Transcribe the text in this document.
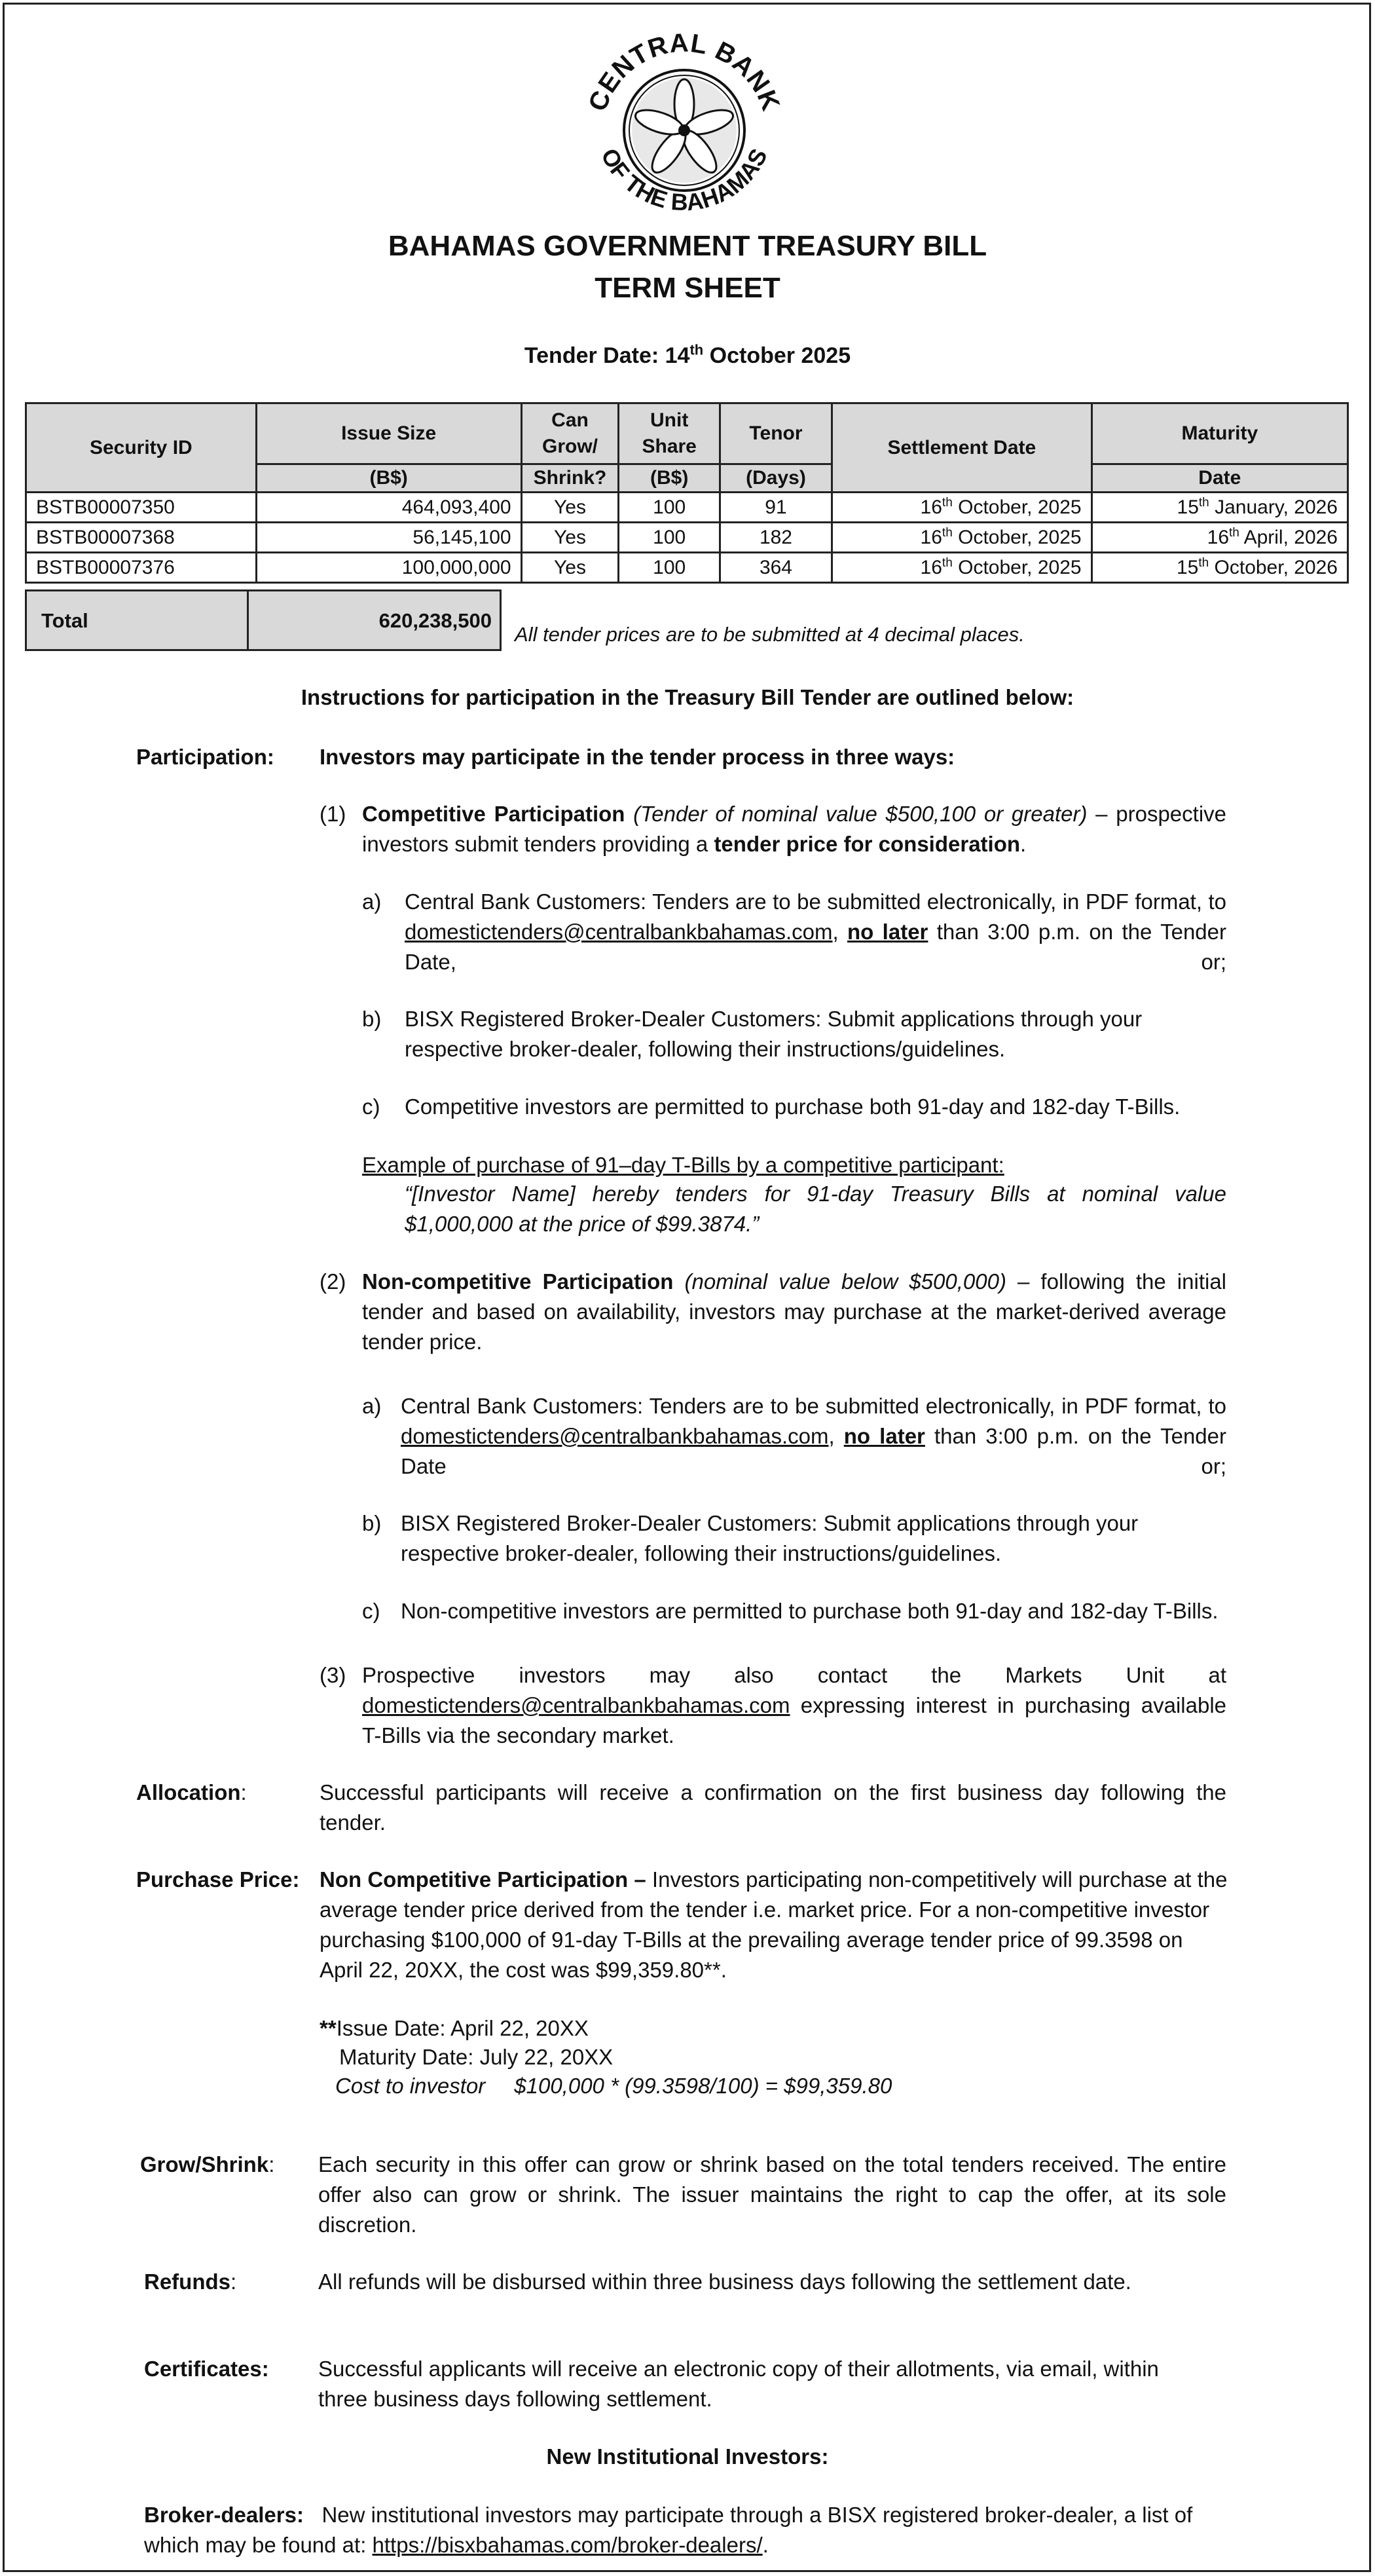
CENTRAL BANK
OF THE BAHAMAS
BAHAMAS GOVERNMENT TREASURY BILL
TERM SHEET
Tender Date: 14th October 2025
Security ID	Issue Size	Can Grow/	Unit Share	Tenor	Settlement Date	Maturity
	(B$)	Shrink?	(B$)	(Days)		Date
BSTB00007350	464,093,400	Yes	100	91	16th October, 2025	15th January, 2026
BSTB00007368	56,145,100	Yes	100	182	16th October, 2025	16th April, 2026
BSTB00007376	100,000,000	Yes	100	364	16th October, 2025	15th October, 2026
Total	620,238,500
All tender prices are to be submitted at 4 decimal places.
Instructions for participation in the Treasury Bill Tender are outlined below:
Participation: Investors may participate in the tender process in three ways:
(1) Competitive Participation (Tender of nominal value $500,100 or greater) – prospective investors submit tenders providing a tender price for consideration.
a) Central Bank Customers: Tenders are to be submitted electronically, in PDF format, to domestictenders@centralbankbahamas.com, no later than 3:00 p.m. on the Tender Date, or;
b) BISX Registered Broker-Dealer Customers: Submit applications through your respective broker-dealer, following their instructions/guidelines.
c) Competitive investors are permitted to purchase both 91-day and 182-day T-Bills.
Example of purchase of 91–day T-Bills by a competitive participant:
“[Investor Name] hereby tenders for 91-day Treasury Bills at nominal value $1,000,000 at the price of $99.3874.”
(2) Non-competitive Participation (nominal value below $500,000) – following the initial tender and based on availability, investors may purchase at the market-derived average tender price.
a) Central Bank Customers: Tenders are to be submitted electronically, in PDF format, to domestictenders@centralbankbahamas.com, no later than 3:00 p.m. on the Tender Date or;
b) BISX Registered Broker-Dealer Customers: Submit applications through your respective broker-dealer, following their instructions/guidelines.
c) Non-competitive investors are permitted to purchase both 91-day and 182-day T-Bills.
(3) Prospective investors may also contact the Markets Unit at domestictenders@centralbankbahamas.com expressing interest in purchasing available T-Bills via the secondary market.
Allocation:	Successful participants will receive a confirmation on the first business day following the tender.
Purchase Price: Non Competitive Participation – Investors participating non-competitively will purchase at the average tender price derived from the tender i.e. market price. For a non-competitive investor purchasing $100,000 of 91-day T-Bills at the prevailing average tender price of 99.3598 on April 22, 20XX, the cost was $99,359.80**.
**Issue Date: April 22, 20XX
Maturity Date: July 22, 20XX
Cost to investor $100,000 * (99.3598/100) = $99,359.80
Grow/Shrink: Each security in this offer can grow or shrink based on the total tenders received. The entire offer also can grow or shrink. The issuer maintains the right to cap the offer, at its sole discretion.
Refunds:	All refunds will be disbursed within three business days following the settlement date.
Certificates: Successful applicants will receive an electronic copy of their allotments, via email, within three business days following settlement.
New Institutional Investors:
Broker-dealers:   New institutional investors may participate through a BISX registered broker-dealer, a list of which may be found at: https://bisxbahamas.com/broker-dealers/.
